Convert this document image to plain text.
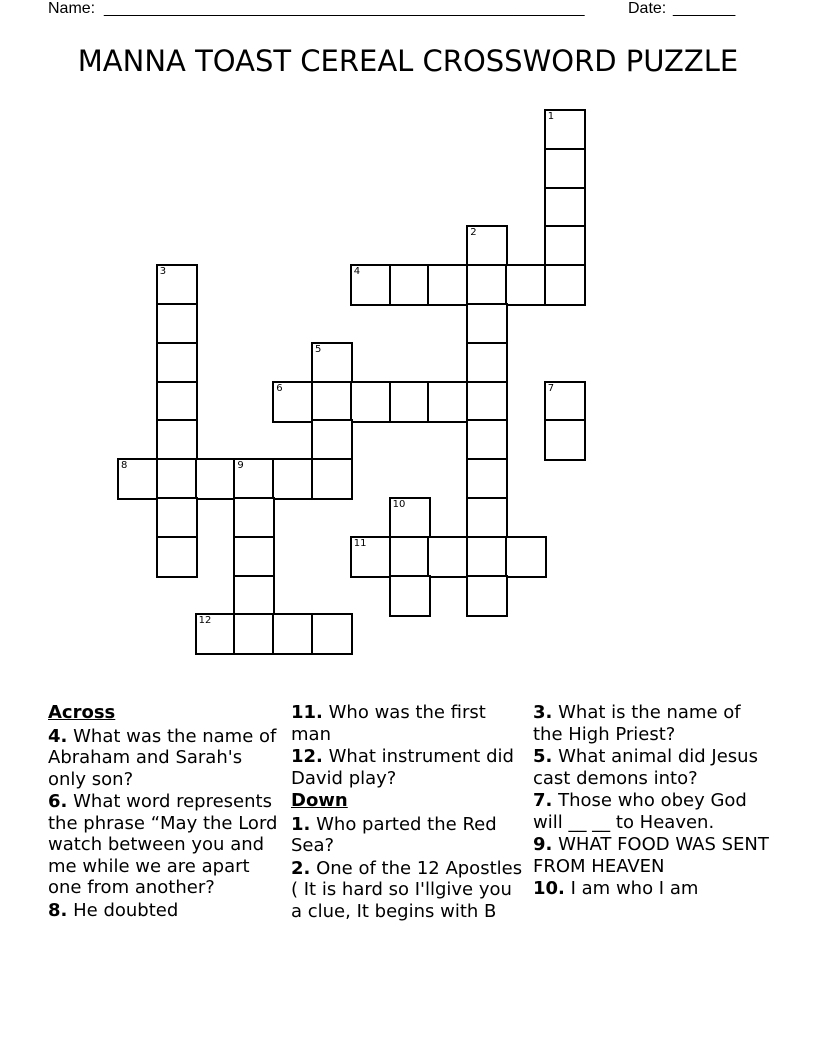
Name: ______________________________________________________	Date: _______
MANNA TOAST CEREAL CROSSWORD PUZZLE
1
2
3	4
5
6	7
8	9
10
11
12
Across
4. What was the name of Abraham and Sarah's only son?
6. What word represents the phrase “May the Lord watch between you and me while we are apart one from another?
8. He doubted
11. Who was the first man
12. What instrument did David play?
Down
1. Who parted the Red Sea?
2. One of the 12 Apostles ( It is hard so I'llgive you a clue, It begins with B
3. What is the name of the High Priest?
5. What animal did Jesus cast demons into?
7. Those who obey God will __ __ to Heaven.
9. WHAT FOOD WAS SENT FROM HEAVEN
10. I am who I am
